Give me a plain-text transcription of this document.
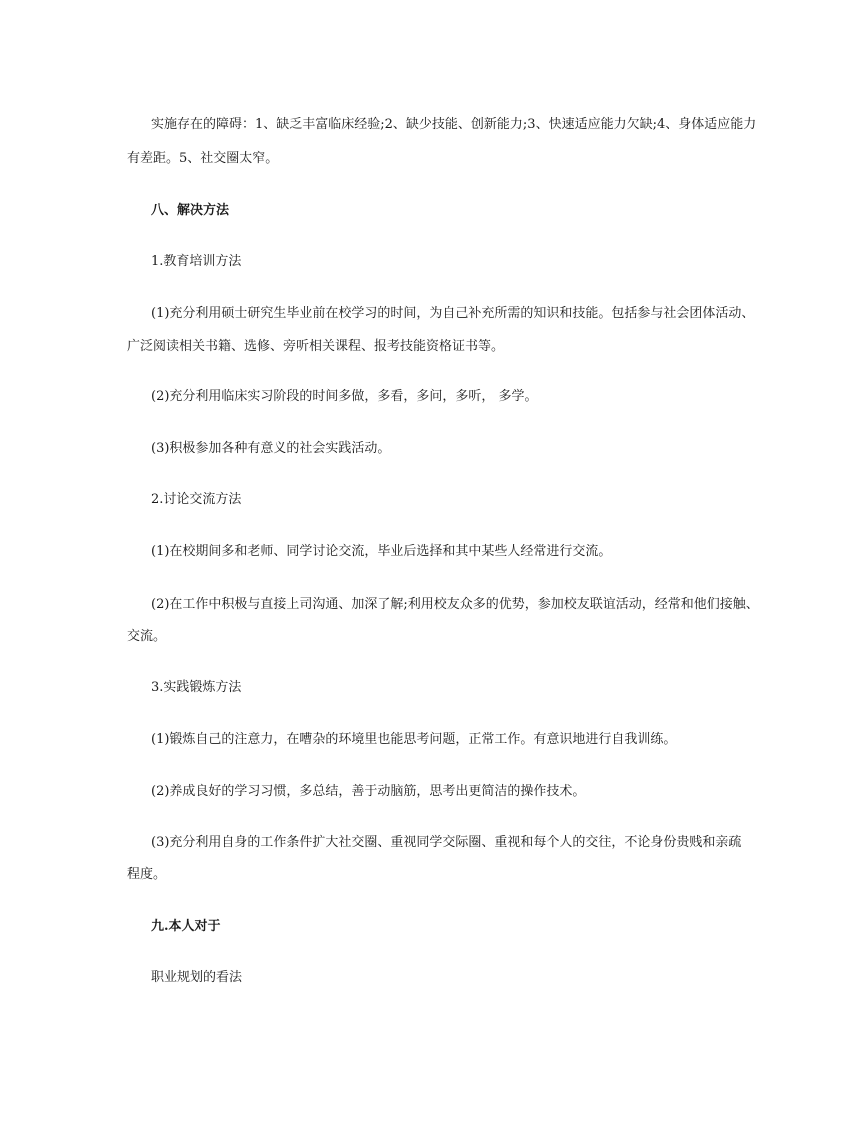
实施存在的障碍：1、缺乏丰富临床经验;2、缺少技能、创新能力;3、快速适应能力欠缺;4、身体适应能力
有差距。5、社交圈太窄。
八、解决方法
1.教育培训方法
(1)充分利用硕士研究生毕业前在校学习的时间，为自己补充所需的知识和技能。包括参与社会团体活动、
广泛阅读相关书籍、选修、旁听相关课程、报考技能资格证书等。
(2)充分利用临床实习阶段的时间多做，多看，多问，多听， 多学。
(3)积极参加各种有意义的社会实践活动。
2.讨论交流方法
(1)在校期间多和老师、同学讨论交流，毕业后选择和其中某些人经常进行交流。
(2)在工作中积极与直接上司沟通、加深了解;利用校友众多的优势，参加校友联谊活动，经常和他们接触、
交流。
3.实践锻炼方法
(1)锻炼自己的注意力，在嘈杂的环境里也能思考问题，正常工作。有意识地进行自我训练。
(2)养成良好的学习习惯，多总结，善于动脑筋，思考出更简洁的操作技术。
(3)充分利用自身的工作条件扩大社交圈、重视同学交际圈、重视和每个人的交往，不论身份贵贱和亲疏
程度。
九.本人对于
职业规划的看法
